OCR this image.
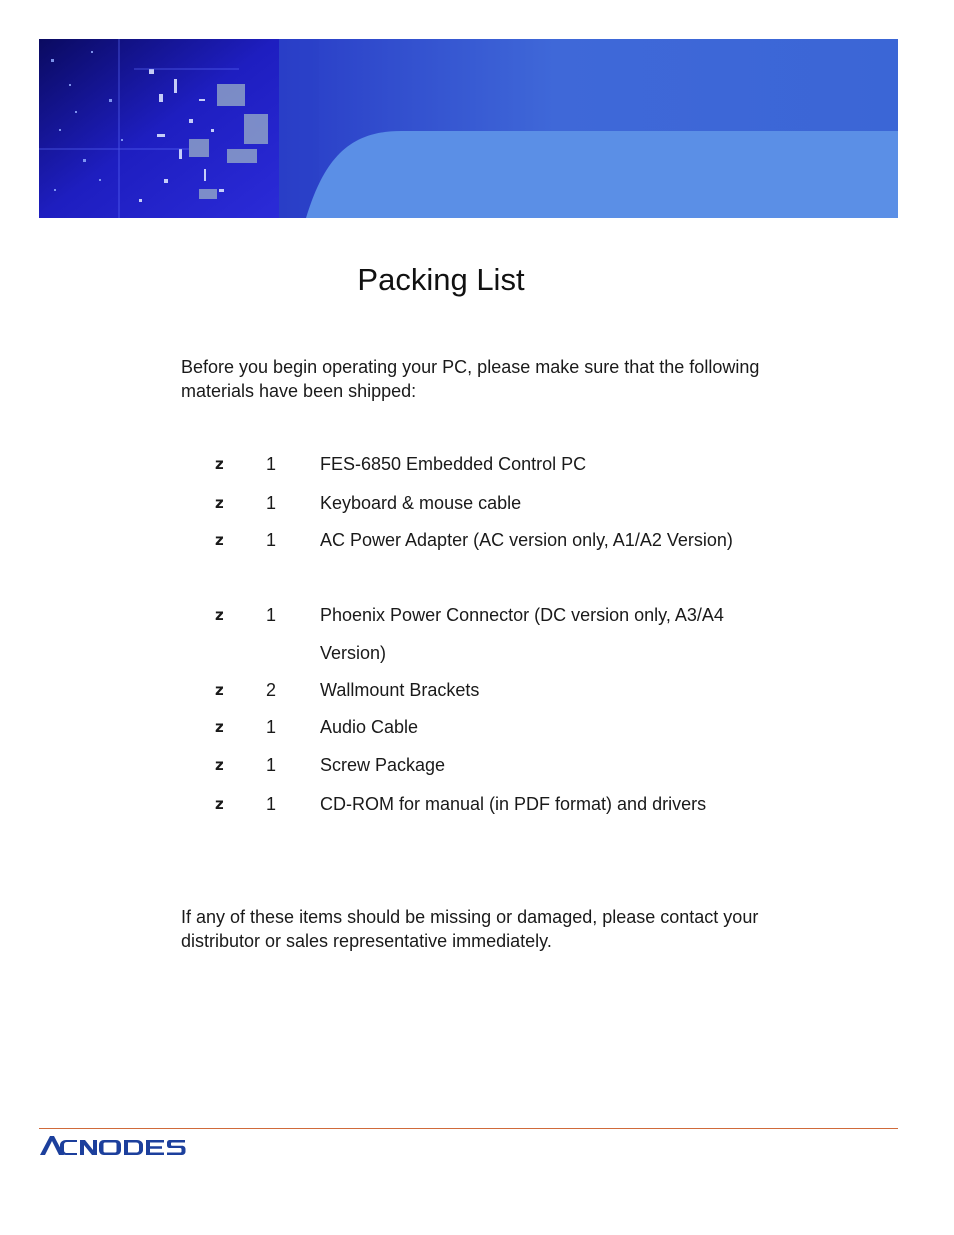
Packing List
Before you begin operating your PC, please make sure that the following materials have been shipped:
z 1 FES-6850 Embedded Control PC
z 1 Keyboard & mouse cable
z 1 AC Power Adapter (AC version only, A1/A2 Version)
z 1 Phoenix Power Connector (DC version only, A3/A4 Version)
z 2 Wallmount Brackets
z 1 Audio Cable
z 1 Screw Package
z 1 CD-ROM for manual (in PDF format) and drivers
If any of these items should be missing or damaged, please contact your distributor or sales representative immediately.
